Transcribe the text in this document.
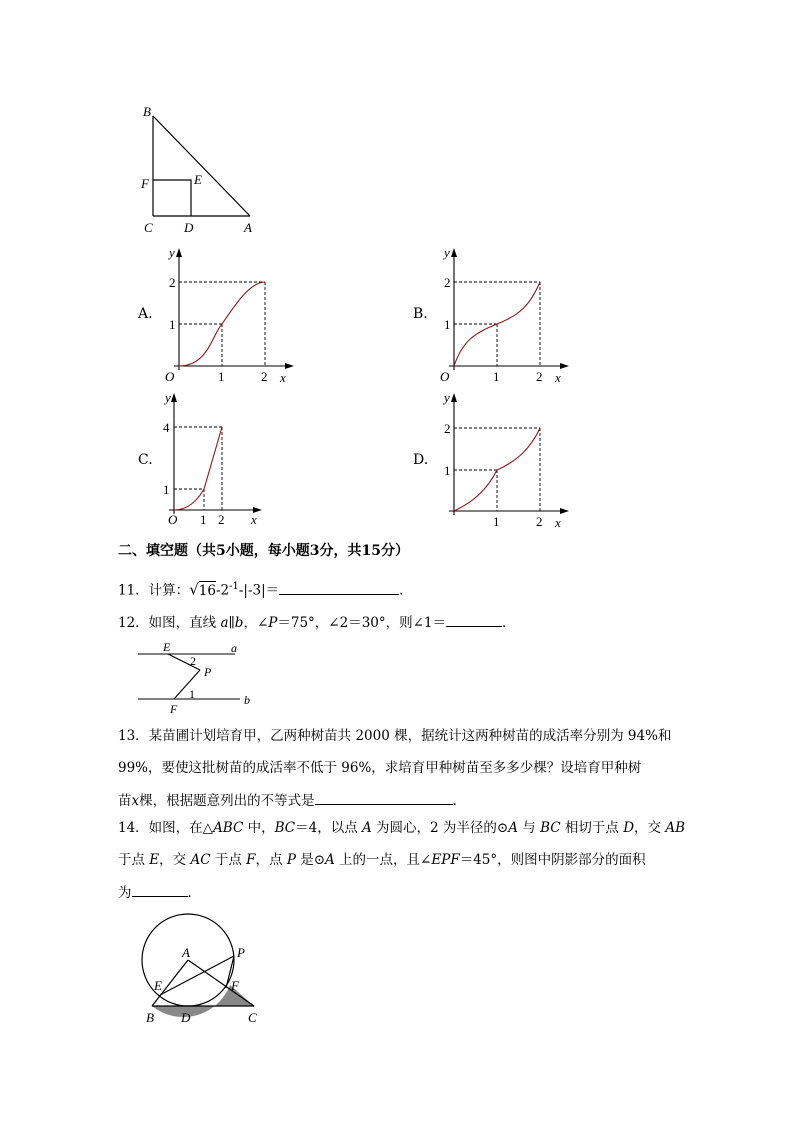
B
F	E
C D	A
A.
y
x
O	1	2
1
2
B.
y
x
O	1	2
1
2
C.
y
x
O 1 2
1
4
D.
y
x
1	2
1
2
二、填空题（共5小题，每小题3分，共15分）
11．计算：$√16-2^{-1}-|-3|=$	．
12．如图，直线 a∥b，∠P＝75°，∠2＝30°，则∠1＝	．
E
2
a
P
1	b
F
13．某苗圃计划培育甲，乙两种树苗共 2000 棵，据统计这两种树苗的成活率分别为 94%和
99%，要使这批树苗的成活率不低于 96%，求培育甲种树苗至多多少棵？设培育甲种树
苗x棵，根据题意列出的不等式是	．
14．如图，在△ABC 中，BC＝4，以点 A 为圆心，2 为半径的⊙A 与 BC 相切于点 D，交 AB
于点 E，交 AC 于点 F，点 P 是⊙A 上的一点，且∠EPF＝45°，则图中阴影部分的面积
为	．
A	P
E	F
B D	C
